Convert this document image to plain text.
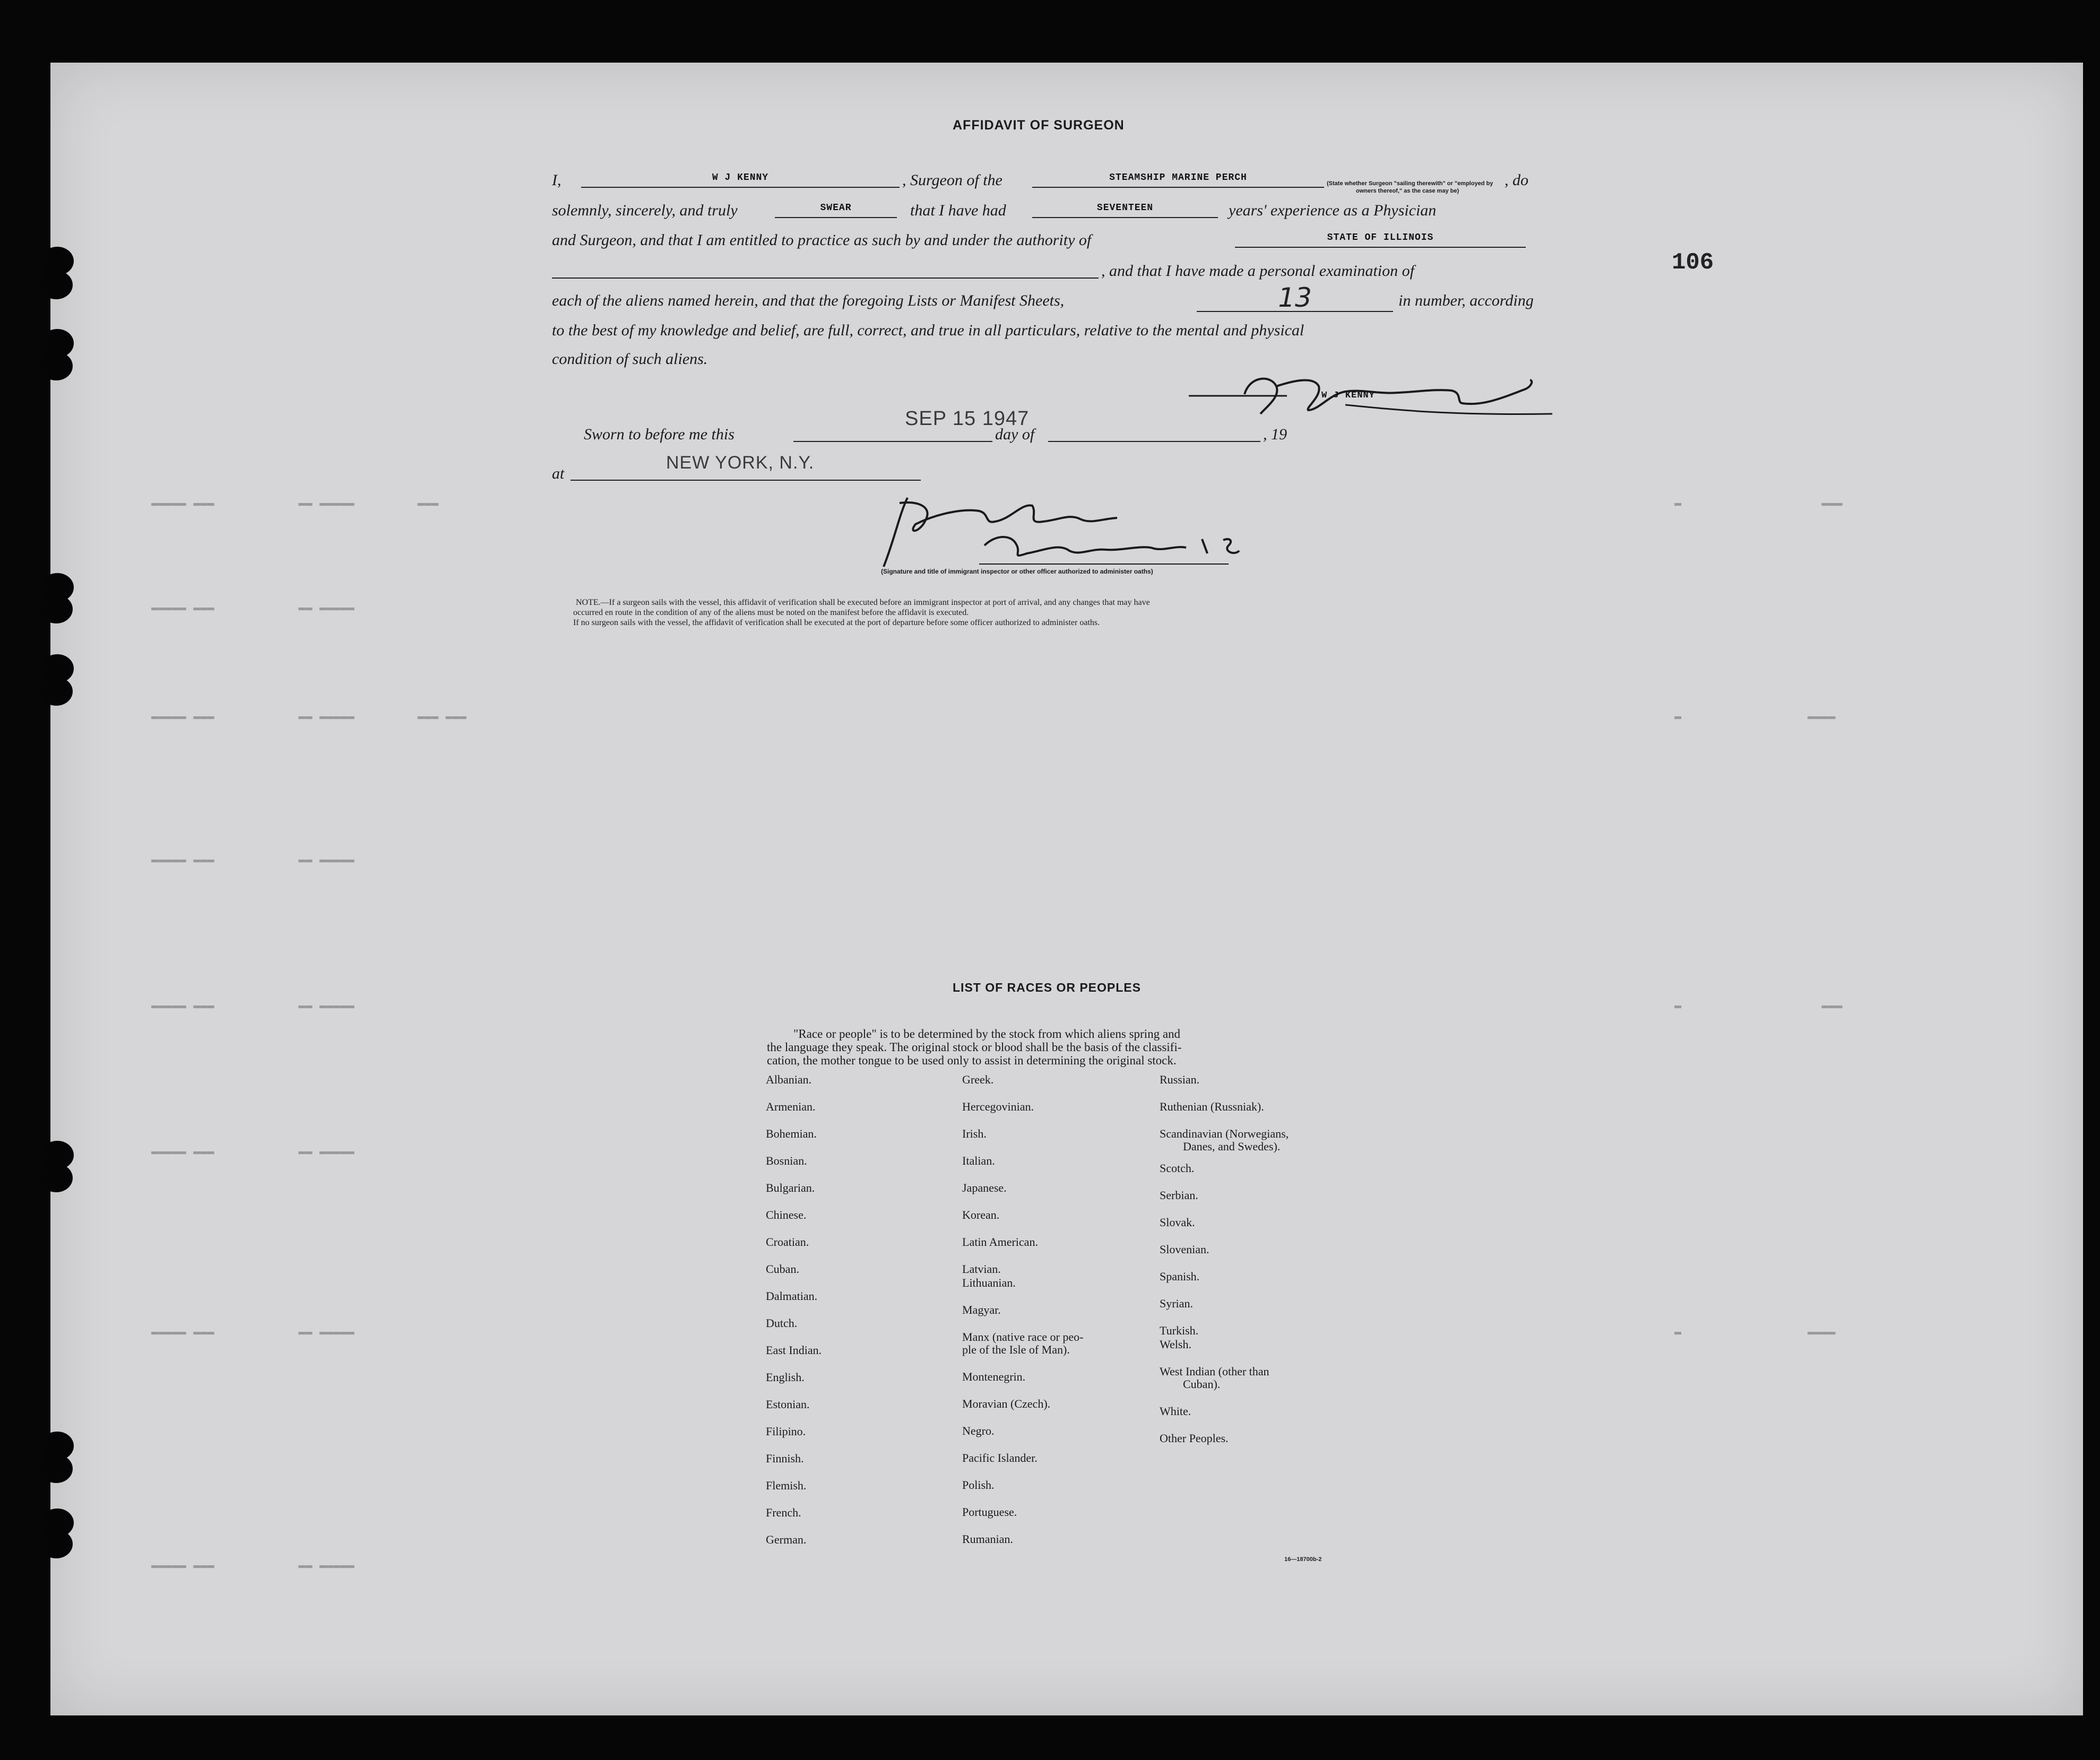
▬▬▬▬▬ ▬▬▬            ▬▬ ▬▬▬▬▬         ▬▬▬
▬▬▬▬▬ ▬▬▬            ▬▬ ▬▬▬▬▬
▬▬▬▬▬ ▬▬▬            ▬▬ ▬▬▬▬▬         ▬▬▬ ▬▬▬
▬▬▬▬▬ ▬▬▬            ▬▬ ▬▬▬▬▬
▬▬▬▬▬ ▬▬▬            ▬▬ ▬▬▬▬▬
▬▬▬▬▬ ▬▬▬            ▬▬ ▬▬▬▬▬
▬▬▬▬▬ ▬▬▬            ▬▬ ▬▬▬▬▬
▬▬▬▬▬ ▬▬▬            ▬▬ ▬▬▬▬▬
▬                    ▬▬▬
▬                  ▬▬▬▬
▬                    ▬▬▬
▬                  ▬▬▬▬
106
AFFIDAVIT OF SURGEON
I,	W J KENNY	, Surgeon of the	STEAMSHIP MARINE PERCH
(State whether Surgeon "sailing therewith" or "employed by
owners thereof," as the case may be)
, do
solemnly, sincerely, and truly	SWEAR	that I have had	SEVENTEEN	years' experience as a Physician
and Surgeon, and that I am entitled to practice as such by and under the authority of	STATE OF ILLINOIS
, and that I have made a personal examination of
each of the aliens named herein, and that the foregoing Lists or Manifest Sheets,	13	in number, according
to the best of my knowledge and belief, are full, correct, and true in all particulars, relative to the mental and physical
condition of such aliens.
W J KENNY
Sworn to before me this
SEP 15 1947
day of	, 19
at
NEW YORK, N.Y.
(Signature and title of immigrant inspector or other officer authorized to administer oaths)
NOTE.—If a surgeon sails with the vessel, this affidavit of verification shall be executed before an immigrant inspector at port of arrival, and any changes that may have
occurred en route in the condition of any of the aliens must be noted on the manifest before the affidavit is executed.
If no surgeon sails with the vessel, the affidavit of verification shall be executed at the port of departure before some officer authorized to administer oaths.
LIST OF RACES OR PEOPLES
"Race or people" is to be determined by the stock from which aliens spring and
the language they speak. The original stock or blood shall be the basis of the classifi-
cation, the mother tongue to be used only to assist in determining the original stock.
Albanian.
Armenian.
Bohemian.
Bosnian.
Bulgarian.
Chinese.
Croatian.
Cuban.
Dalmatian.
Dutch.
East Indian.
English.
Estonian.
Filipino.
Finnish.
Flemish.
French.
German.
Greek.
Hercegovinian.
Irish.
Italian.
Japanese.
Korean.
Latin American.
Latvian.
Lithuanian.
Magyar.
Manx (native race or peo-
ple of the Isle of Man).
Montenegrin.
Moravian (Czech).
Negro.
Pacific Islander.
Polish.
Portuguese.
Rumanian.
Russian.
Ruthenian (Russniak).
Scandinavian (Norwegians,
Danes, and Swedes).
Scotch.
Serbian.
Slovak.
Slovenian.
Spanish.
Syrian.
Turkish.
Welsh.
West Indian (other than
Cuban).
White.
Other Peoples.
16—18700b-2
